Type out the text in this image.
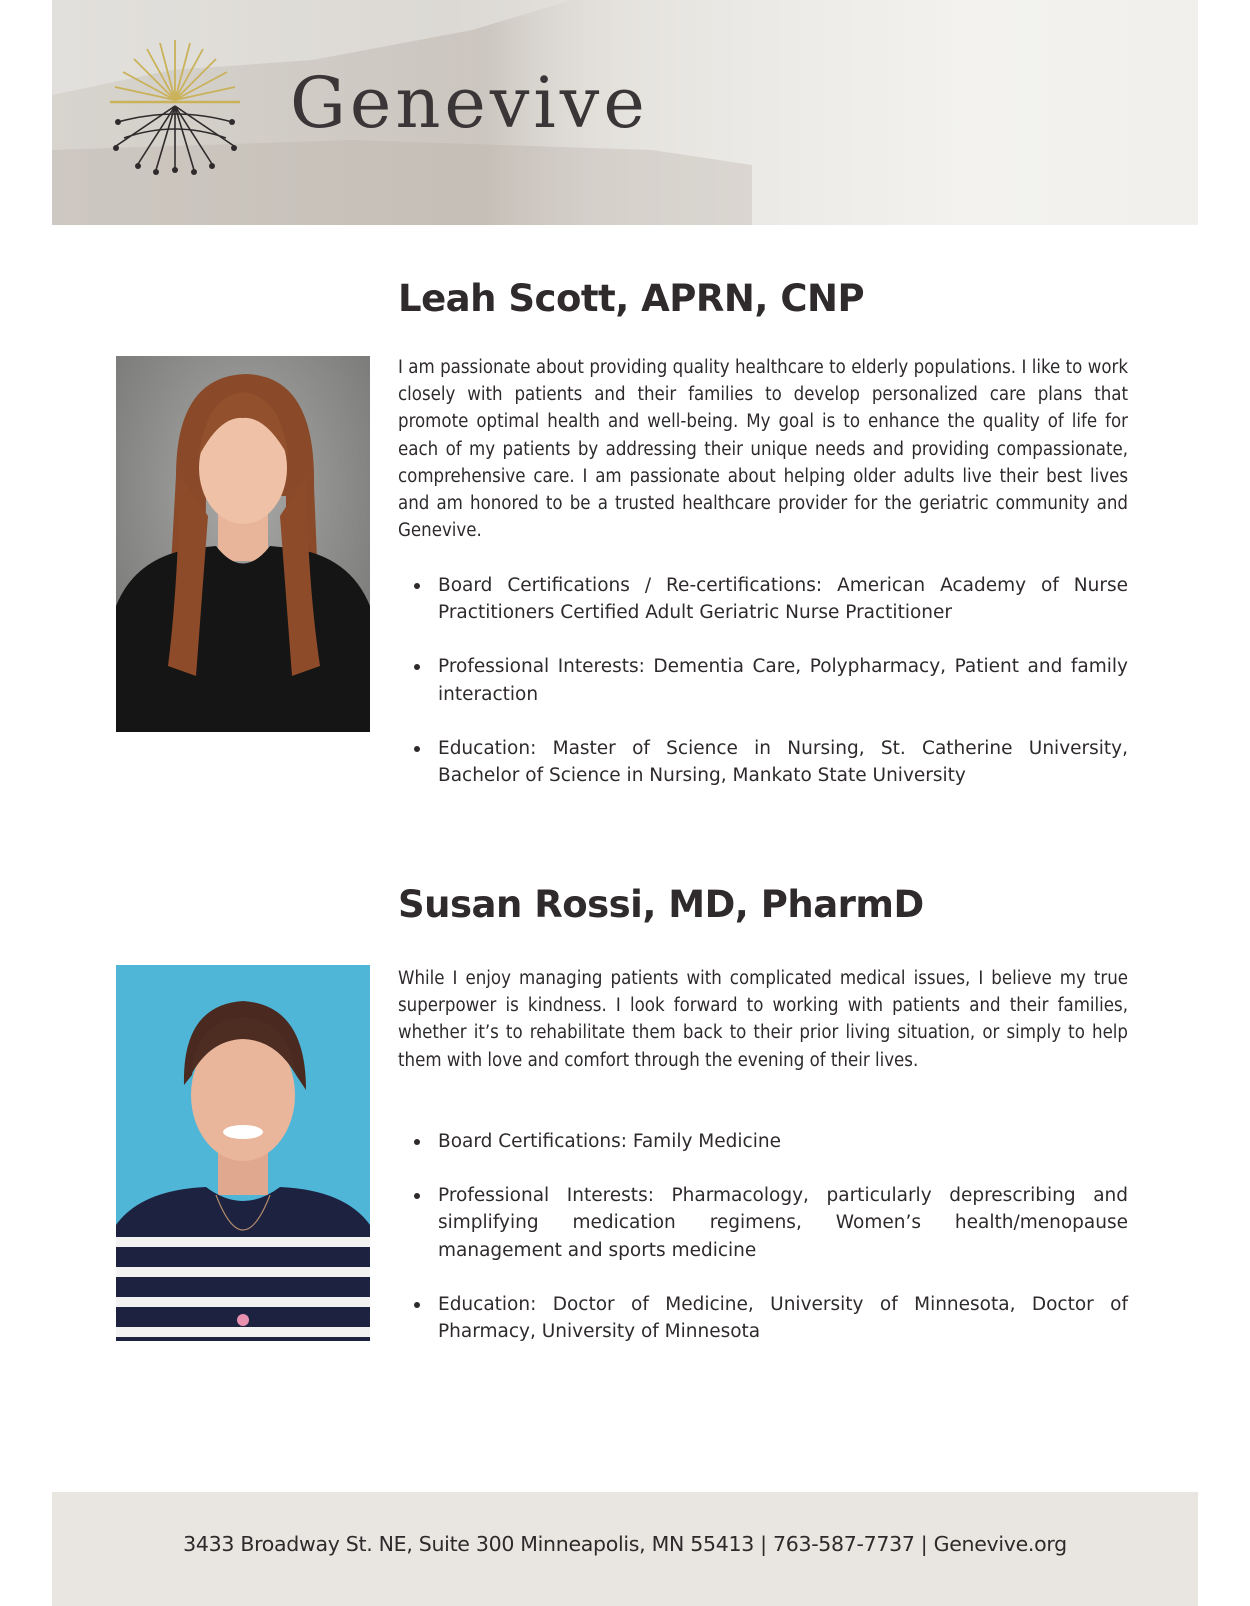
Genevive
Leah Scott, APRN, CNP

I am passionate about providing quality healthcare to elderly populations. I like to work closely with patients and their families to develop personalized care plans that promote optimal health and well-being. My goal is to enhance the quality of life for each of my patients by addressing their unique needs and providing compassionate, comprehensive care. I am passionate about helping older adults live their best lives and am honored to be a trusted healthcare provider for the geriatric community and Genevive.

Board Certifications / Re-certifications: American Academy of Nurse Practitioners Certified Adult Geriatric Nurse Practitioner
Professional Interests: Dementia Care, Polypharmacy, Patient and family interaction
Education: Master of Science in Nursing, St. Catherine University, Bachelor of Science in Nursing, Mankato State University
Susan Rossi, MD, PharmD

While I enjoy managing patients with complicated medical issues, I believe my true superpower is kindness. I look forward to working with patients and their families, whether it’s to rehabilitate them back to their prior living situation, or simply to help them with love and comfort through the evening of their lives.

Board Certifications: Family Medicine
Professional Interests: Pharmacology, particularly deprescribing and simplifying medication regimens, Women’s health/menopause management and sports medicine
Education: Doctor of Medicine, University of Minnesota, Doctor of Pharmacy, University of Minnesota
3433 Broadway St. NE, Suite 300 Minneapolis, MN 55413 | 763-587-7737 | Genevive.org
